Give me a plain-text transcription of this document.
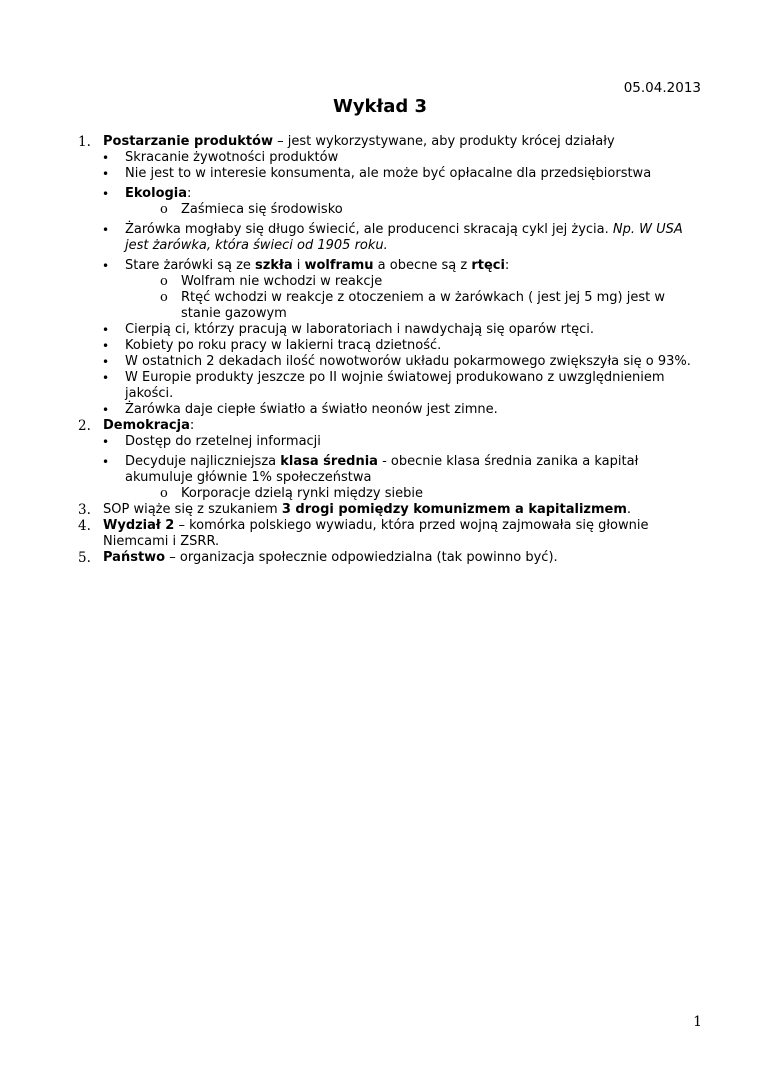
05.04.2013
Wykład 3
1. Postarzanie produktów – jest wykorzystywane, aby produkty krócej działały
• Skracanie żywotności produktów
• Nie jest to w interesie konsumenta, ale może być opłacalne dla przedsiębiorstwa
• Ekologia:
o Zaśmieca się środowisko
• Żarówka mogłaby się długo świecić, ale producenci skracają cykl jej życia. Np. W USA jest żarówka, która świeci od 1905 roku.
• Stare żarówki są ze szkła i wolframu a obecne są z rtęci:
o Wolfram nie wchodzi w reakcje
o Rtęć wchodzi w reakcje z otoczeniem a w żarówkach ( jest jej 5 mg) jest w stanie gazowym
• Cierpią ci, którzy pracują w laboratoriach i nawdychają się oparów rtęci.
• Kobiety po roku pracy w lakierni tracą dzietność.
• W ostatnich 2 dekadach ilość nowotworów układu pokarmowego zwiększyła się o 93%.
• W Europie produkty jeszcze po II wojnie światowej produkowano z uwzględnieniem jakości.
• Żarówka daje ciepłe światło a światło neonów jest zimne.
2. Demokracja:
• Dostęp do rzetelnej informacji
• Decyduje najliczniejsza klasa średnia - obecnie klasa średnia zanika a kapitał akumuluje głównie 1% społeczeństwa
o Korporacje dzielą rynki między siebie
3. SOP wiąże się z szukaniem 3 drogi pomiędzy komunizmem a kapitalizmem.
4. Wydział 2 – komórka polskiego wywiadu, która przed wojną zajmowała się głownie Niemcami i ZSRR.
5. Państwo – organizacja społecznie odpowiedzialna (tak powinno być).
1
